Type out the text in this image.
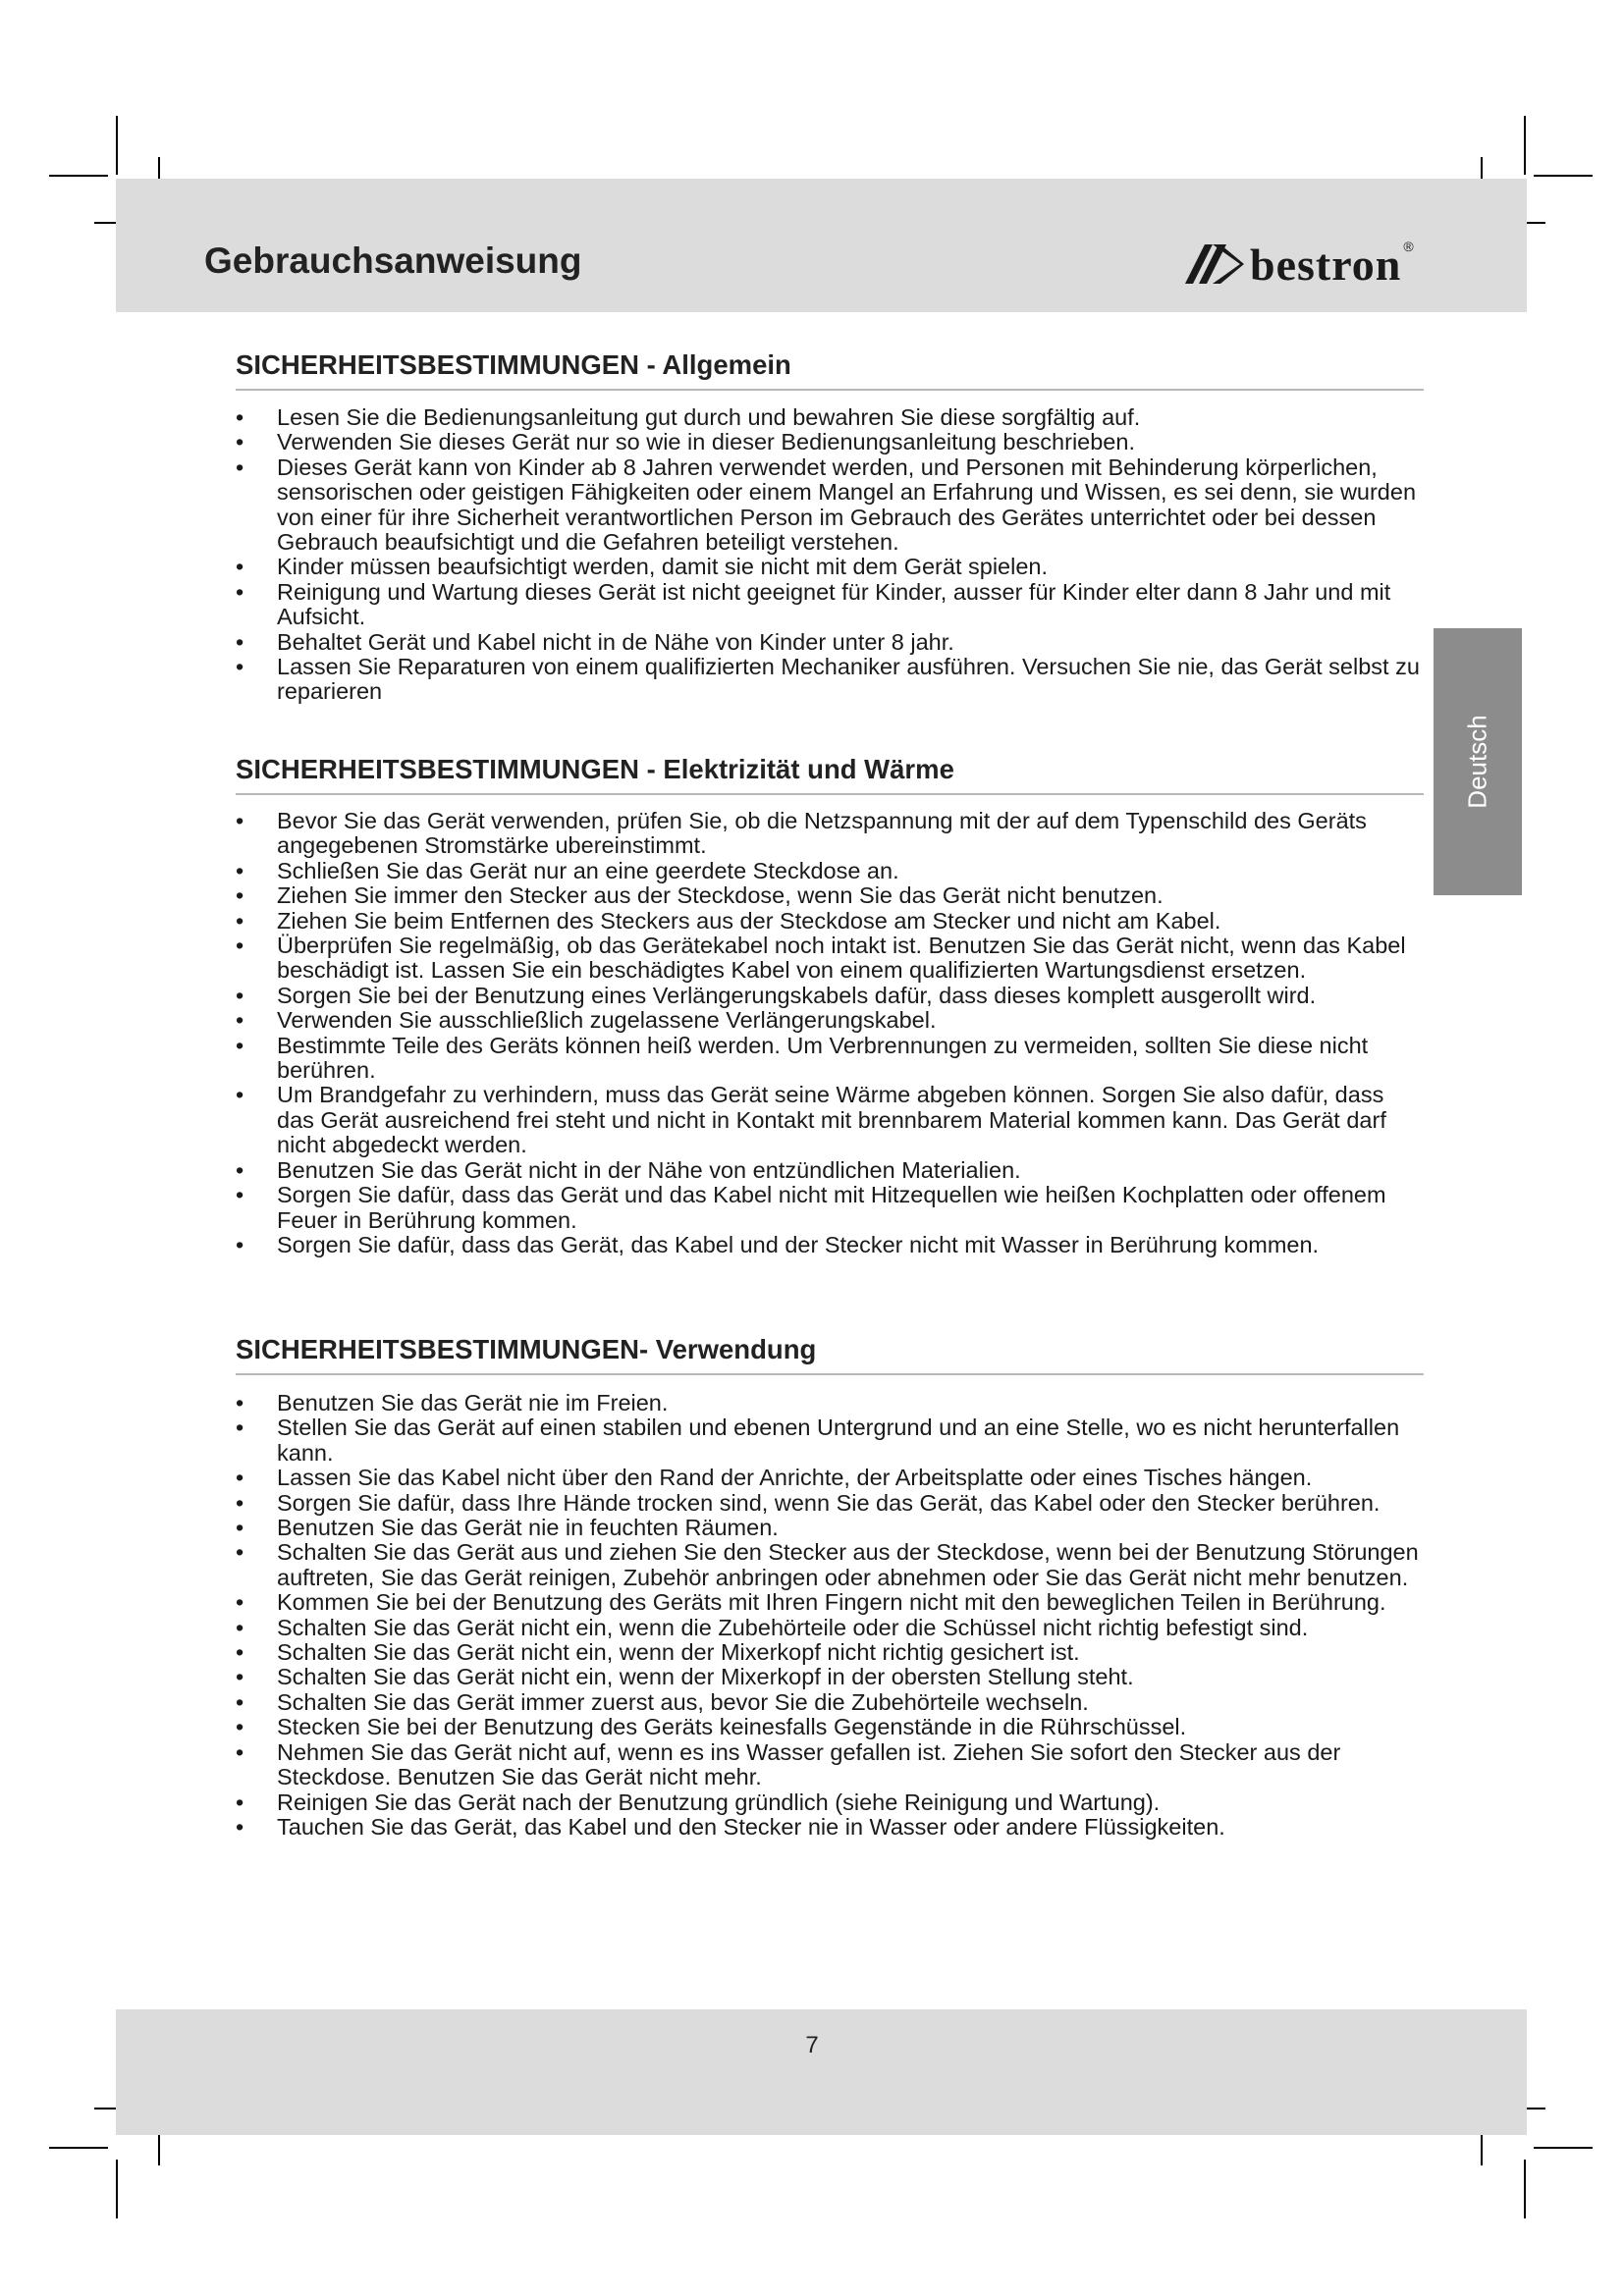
Gebrauchsanweisung	bestron ®
Deutsch
SICHERHEITSBESTIMMUNGEN - Allgemein
•	Lesen Sie die Bedienungsanleitung gut durch und bewahren Sie diese sorgfältig auf.
•	Verwenden Sie dieses Gerät nur so wie in dieser Bedienungsanleitung beschrieben.
•	Dieses Gerät kann von Kinder ab 8 Jahren verwendet werden, und Personen mit Behinderung körperlichen, sensorischen oder geistigen Fähigkeiten oder einem Mangel an Erfahrung und Wissen, es sei denn, sie wurden von einer für ihre Sicherheit verantwortlichen Person im Gebrauch des Gerätes unterrichtet oder bei dessen Gebrauch beaufsichtigt und die Gefahren beteiligt verstehen.
•	Kinder müssen beaufsichtigt werden, damit sie nicht mit dem Gerät spielen.
•	Reinigung und Wartung dieses Gerät ist nicht geeignet für Kinder, ausser für Kinder elter dann 8 Jahr und mit Aufsicht.
•	Behaltet Gerät und Kabel nicht in de Nähe von Kinder unter 8 jahr.
•	Lassen Sie Reparaturen von einem qualifizierten Mechaniker ausführen. Versuchen Sie nie, das Gerät selbst zu reparieren
SICHERHEITSBESTIMMUNGEN - Elektrizität und Wärme
•	Bevor Sie das Gerät verwenden, prüfen Sie, ob die Netzspannung mit der auf dem Typenschild des Geräts angegebenen Stromstärke ubereinstimmt.
•	Schließen Sie das Gerät nur an eine geerdete Steckdose an.
•	Ziehen Sie immer den Stecker aus der Steckdose, wenn Sie das Gerät nicht benutzen.
•	Ziehen Sie beim Entfernen des Steckers aus der Steckdose am Stecker und nicht am Kabel.
•	Überprüfen Sie regelmäßig, ob das Gerätekabel noch intakt ist. Benutzen Sie das Gerät nicht, wenn das Kabel beschädigt ist. Lassen Sie ein beschädigtes Kabel von einem qualifizierten Wartungsdienst ersetzen.
•	Sorgen Sie bei der Benutzung eines Verlängerungskabels dafür, dass dieses komplett ausgerollt wird.
•	Verwenden Sie ausschließlich zugelassene Verlängerungskabel.
•	Bestimmte Teile des Geräts können heiß werden. Um Verbrennungen zu vermeiden, sollten Sie diese nicht berühren.
•	Um Brandgefahr zu verhindern, muss das Gerät seine Wärme abgeben können. Sorgen Sie also dafür, dass das Gerät ausreichend frei steht und nicht in Kontakt mit brennbarem Material kommen kann. Das Gerät darf nicht abgedeckt werden.
•	Benutzen Sie das Gerät nicht in der Nähe von entzündlichen Materialien.
•	Sorgen Sie dafür, dass das Gerät und das Kabel nicht mit Hitzequellen wie heißen Kochplatten oder offenem Feuer in Berührung kommen.
•	Sorgen Sie dafür, dass das Gerät, das Kabel und der Stecker nicht mit Wasser in Berührung kommen.
SICHERHEITSBESTIMMUNGEN- Verwendung
•	Benutzen Sie das Gerät nie im Freien.
•	Stellen Sie das Gerät auf einen stabilen und ebenen Untergrund und an eine Stelle, wo es nicht herunterfallen kann.
•	Lassen Sie das Kabel nicht über den Rand der Anrichte, der Arbeitsplatte oder eines Tisches hängen.
•	Sorgen Sie dafür, dass Ihre Hände trocken sind, wenn Sie das Gerät, das Kabel oder den Stecker berühren.
•	Benutzen Sie das Gerät nie in feuchten Räumen.
•	Schalten Sie das Gerät aus und ziehen Sie den Stecker aus der Steckdose, wenn bei der Benutzung Störungen auftreten, Sie das Gerät reinigen, Zubehör anbringen oder abnehmen oder Sie das Gerät nicht mehr benutzen.
•	Kommen Sie bei der Benutzung des Geräts mit Ihren Fingern nicht mit den beweglichen Teilen in Berührung.
•	Schalten Sie das Gerät nicht ein, wenn die Zubehörteile oder die Schüssel nicht richtig befestigt sind.
•	Schalten Sie das Gerät nicht ein, wenn der Mixerkopf nicht richtig gesichert ist.
•	Schalten Sie das Gerät nicht ein, wenn der Mixerkopf in der obersten Stellung steht.
•	Schalten Sie das Gerät immer zuerst aus, bevor Sie die Zubehörteile wechseln.
•	Stecken Sie bei der Benutzung des Geräts keinesfalls Gegenstände in die Rührschüssel.
•	Nehmen Sie das Gerät nicht auf, wenn es ins Wasser gefallen ist. Ziehen Sie sofort den Stecker aus der Steckdose. Benutzen Sie das Gerät nicht mehr.
•	Reinigen Sie das Gerät nach der Benutzung gründlich (siehe Reinigung und Wartung).
•	Tauchen Sie das Gerät, das Kabel und den Stecker nie in Wasser oder andere Flüssigkeiten.
7
